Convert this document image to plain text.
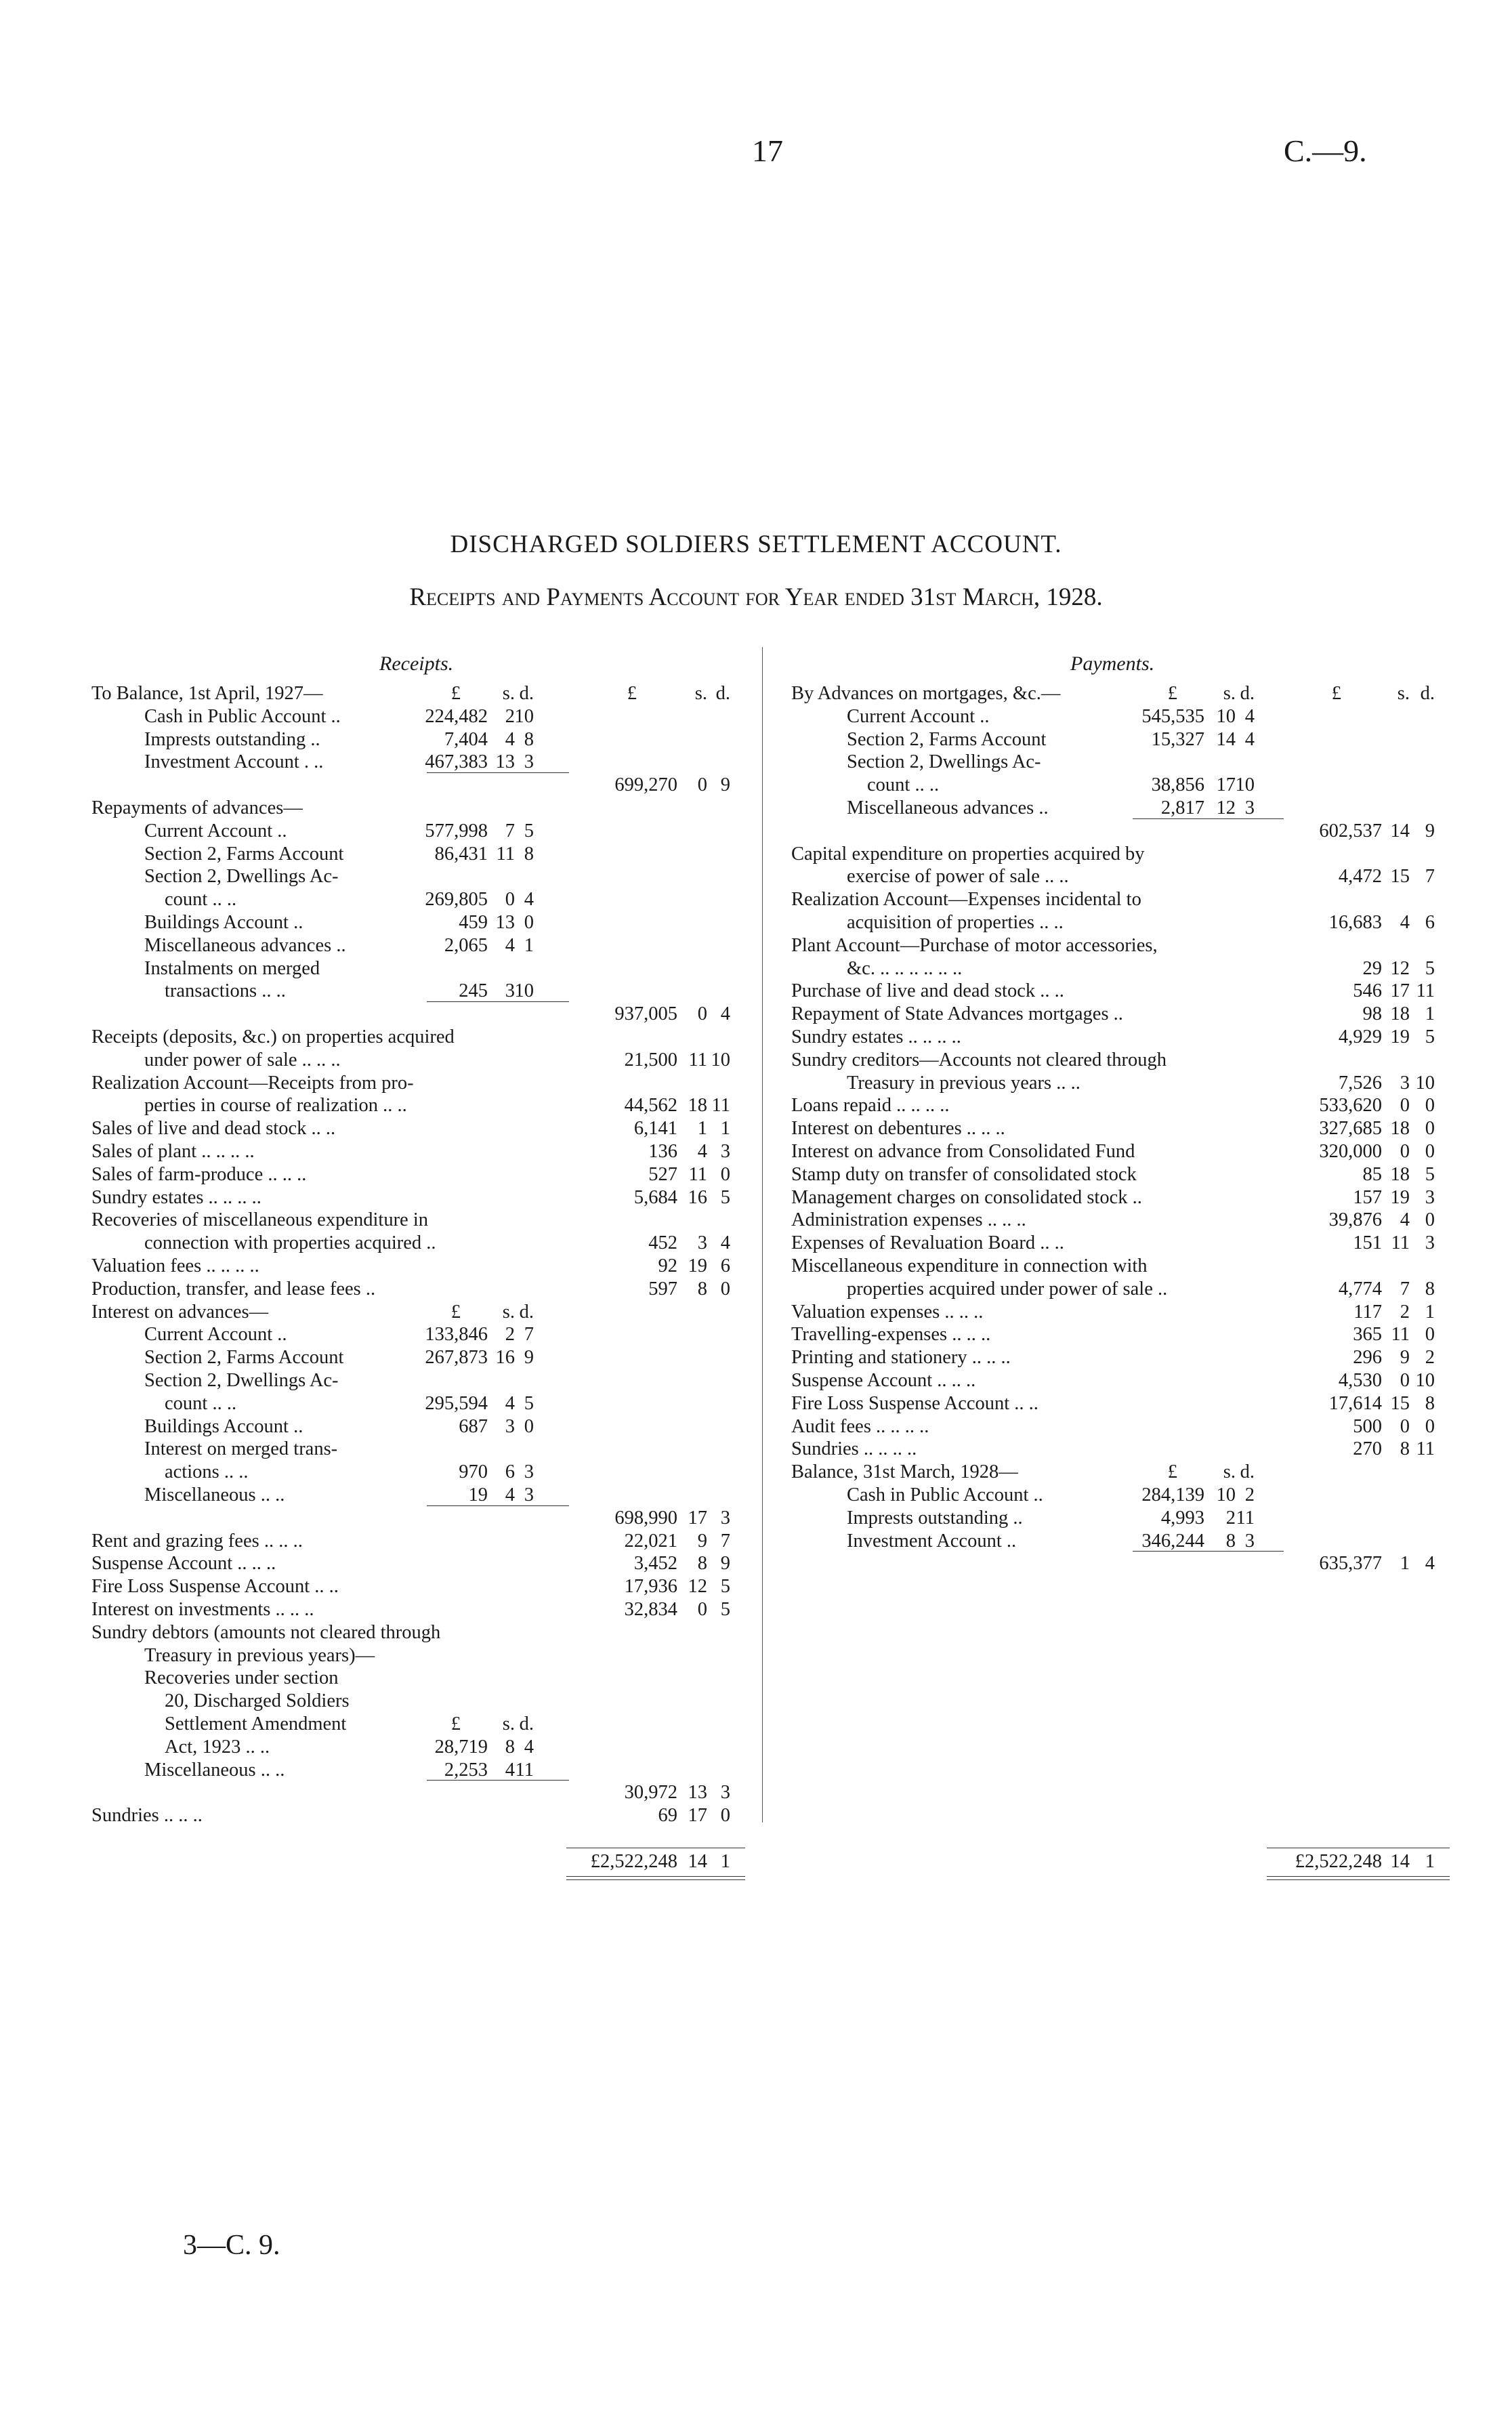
17	C.—9.
DISCHARGED SOLDIERS SETTLEMENT ACCOUNT.
Receipts and Payments Account for Year ended 31st March, 1928.
Receipts.
To Balance, 1st April, 1927—	£ s. d.	£	s. d.
Cash in Public Account ..	224,482 2 10
Imprests outstanding ..	7,404 4 8
Investment Account . ..	467,383 13 3
699,270 0 9
Repayments of advances—
Current Account ..	577,998 7 5
Section 2, Farms Account	86,431 11 8
Section 2, Dwellings Ac-
count .. ..	269,805 0 4
Buildings Account ..	459 13 0
Miscellaneous advances ..	2,065 4 1
Instalments on merged
transactions .. ..	245 3 10
937,005 0 4
Receipts (deposits, &c.) on properties acquired
under power of sale .. .. ..	21,500 11 10
Realization Account—Receipts from pro-
perties in course of realization .. ..	44,562 18 11
Sales of live and dead stock .. ..	6,141 1 1
Sales of plant .. .. .. ..	136 4 3
Sales of farm-produce .. .. ..	527 11 0
Sundry estates .. .. .. ..	5,684 16 5
Recoveries of miscellaneous expenditure in
connection with properties acquired ..	452 3 4
Valuation fees .. .. .. ..	92 19 6
Production, transfer, and lease fees ..	597 8 0
Interest on advances—	£ s. d.
Current Account ..	133,846 2 7
Section 2, Farms Account	267,873 16 9
Section 2, Dwellings Ac-
count .. ..	295,594 4 5
Buildings Account ..	687 3 0
Interest on merged trans-
actions .. ..	970 6 3
Miscellaneous .. ..	19 4 3
698,990 17 3
Rent and grazing fees .. .. ..	22,021 9 7
Suspense Account .. .. ..	3,452 8 9
Fire Loss Suspense Account .. ..	17,936 12 5
Interest on investments .. .. ..	32,834 0 5
Sundry debtors (amounts not cleared through
Treasury in previous years)—
Recoveries under section
20, Discharged Soldiers
Settlement Amendment	£ s. d.
Act, 1923 .. ..	28,719 8 4
Miscellaneous .. ..	2,253 4 11
30,972 13 3
Sundries .. .. ..	69 17 0
£2,522,248 14 1
Payments.
By Advances on mortgages, &c.—	£ s. d.	£	s. d.
Current Account ..	545,535 10 4
Section 2, Farms Account	15,327 14 4
Section 2, Dwellings Ac-
count .. ..	38,856 17 10
Miscellaneous advances ..	2,817 12 3
602,537 14 9
Capital expenditure on properties acquired by
exercise of power of sale .. ..	4,472 15 7
Realization Account—Expenses incidental to
acquisition of properties .. ..	16,683 4 6
Plant Account—Purchase of motor accessories,
&c. .. .. .. .. .. ..	29 12 5
Purchase of live and dead stock .. ..	546 17 11
Repayment of State Advances mortgages ..	98 18 1
Sundry estates .. .. .. ..	4,929 19 5
Sundry creditors—Accounts not cleared through
Treasury in previous years .. ..	7,526 3 10
Loans repaid .. .. .. ..	533,620 0 0
Interest on debentures .. .. ..	327,685 18 0
Interest on advance from Consolidated Fund	320,000 0 0
Stamp duty on transfer of consolidated stock	85 18 5
Management charges on consolidated stock ..	157 19 3
Administration expenses .. .. ..	39,876 4 0
Expenses of Revaluation Board .. ..	151 11 3
Miscellaneous expenditure in connection with
properties acquired under power of sale ..	4,774 7 8
Valuation expenses .. .. ..	117 2 1
Travelling-expenses .. .. ..	365 11 0
Printing and stationery .. .. ..	296 9 2
Suspense Account .. .. ..	4,530 0 10
Fire Loss Suspense Account .. ..	17,614 15 8
Audit fees .. .. .. ..	500 0 0
Sundries .. .. .. ..	270 8 11
Balance, 31st March, 1928—	£ s. d.
Cash in Public Account ..	284,139 10 2
Imprests outstanding ..	4,993 2 11
Investment Account ..	346,244 8 3
635,377 1 4
£2,522,248 14 1
3—C. 9.
